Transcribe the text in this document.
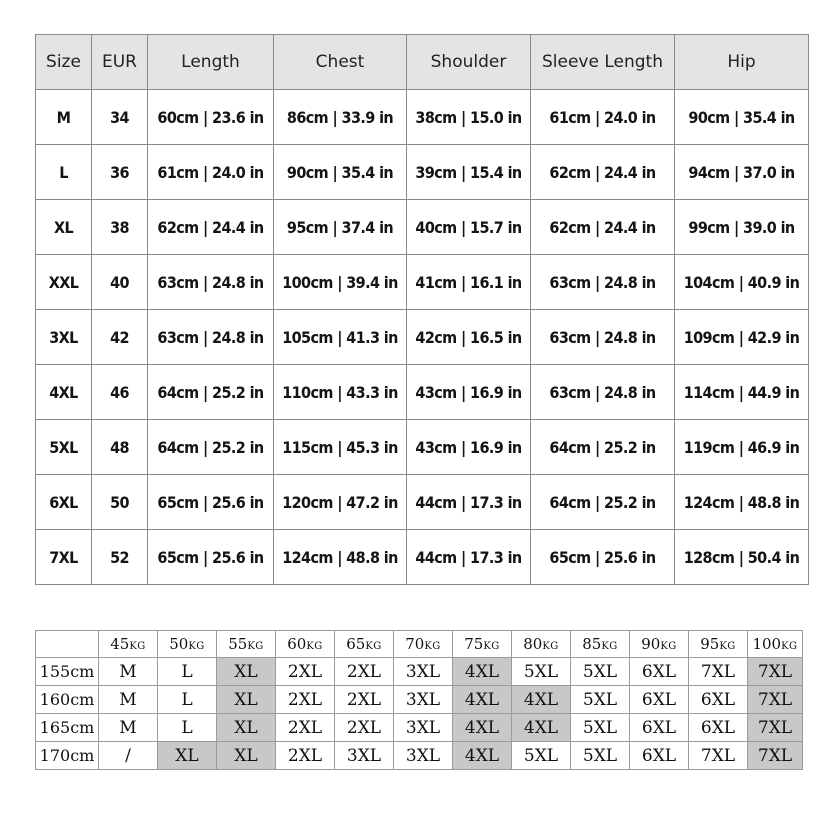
Size	EUR	Length	Chest	Shoulder	Sleeve Length	Hip
M	34	60cm | 23.6 in	86cm | 33.9 in	38cm | 15.0 in	61cm | 24.0 in	90cm | 35.4 in
L	36	61cm | 24.0 in	90cm | 35.4 in	39cm | 15.4 in	62cm | 24.4 in	94cm | 37.0 in
XL	38	62cm | 24.4 in	95cm | 37.4 in	40cm | 15.7 in	62cm | 24.4 in	99cm | 39.0 in
XXL	40	63cm | 24.8 in	100cm | 39.4 in	41cm | 16.1 in	63cm | 24.8 in	104cm | 40.9 in
3XL	42	63cm | 24.8 in	105cm | 41.3 in	42cm | 16.5 in	63cm | 24.8 in	109cm | 42.9 in
4XL	46	64cm | 25.2 in	110cm | 43.3 in	43cm | 16.9 in	63cm | 24.8 in	114cm | 44.9 in
5XL	48	64cm | 25.2 in	115cm | 45.3 in	43cm | 16.9 in	64cm | 25.2 in	119cm | 46.9 in
6XL	50	65cm | 25.6 in	120cm | 47.2 in	44cm | 17.3 in	64cm | 25.2 in	124cm | 48.8 in
7XL	52	65cm | 25.6 in	124cm | 48.8 in	44cm | 17.3 in	65cm | 25.6 in	128cm | 50.4 in
	45KG	50KG	55KG	60KG	65KG	70KG	75KG	80KG	85KG	90KG	95KG	100KG
155cm	M	L	XL	2XL	2XL	3XL	4XL	5XL	5XL	6XL	7XL	7XL
160cm	M	L	XL	2XL	2XL	3XL	4XL	4XL	5XL	6XL	6XL	7XL
165cm	M	L	XL	2XL	2XL	3XL	4XL	4XL	5XL	6XL	6XL	7XL
170cm	/	XL	XL	2XL	3XL	3XL	4XL	5XL	5XL	6XL	7XL	7XL
